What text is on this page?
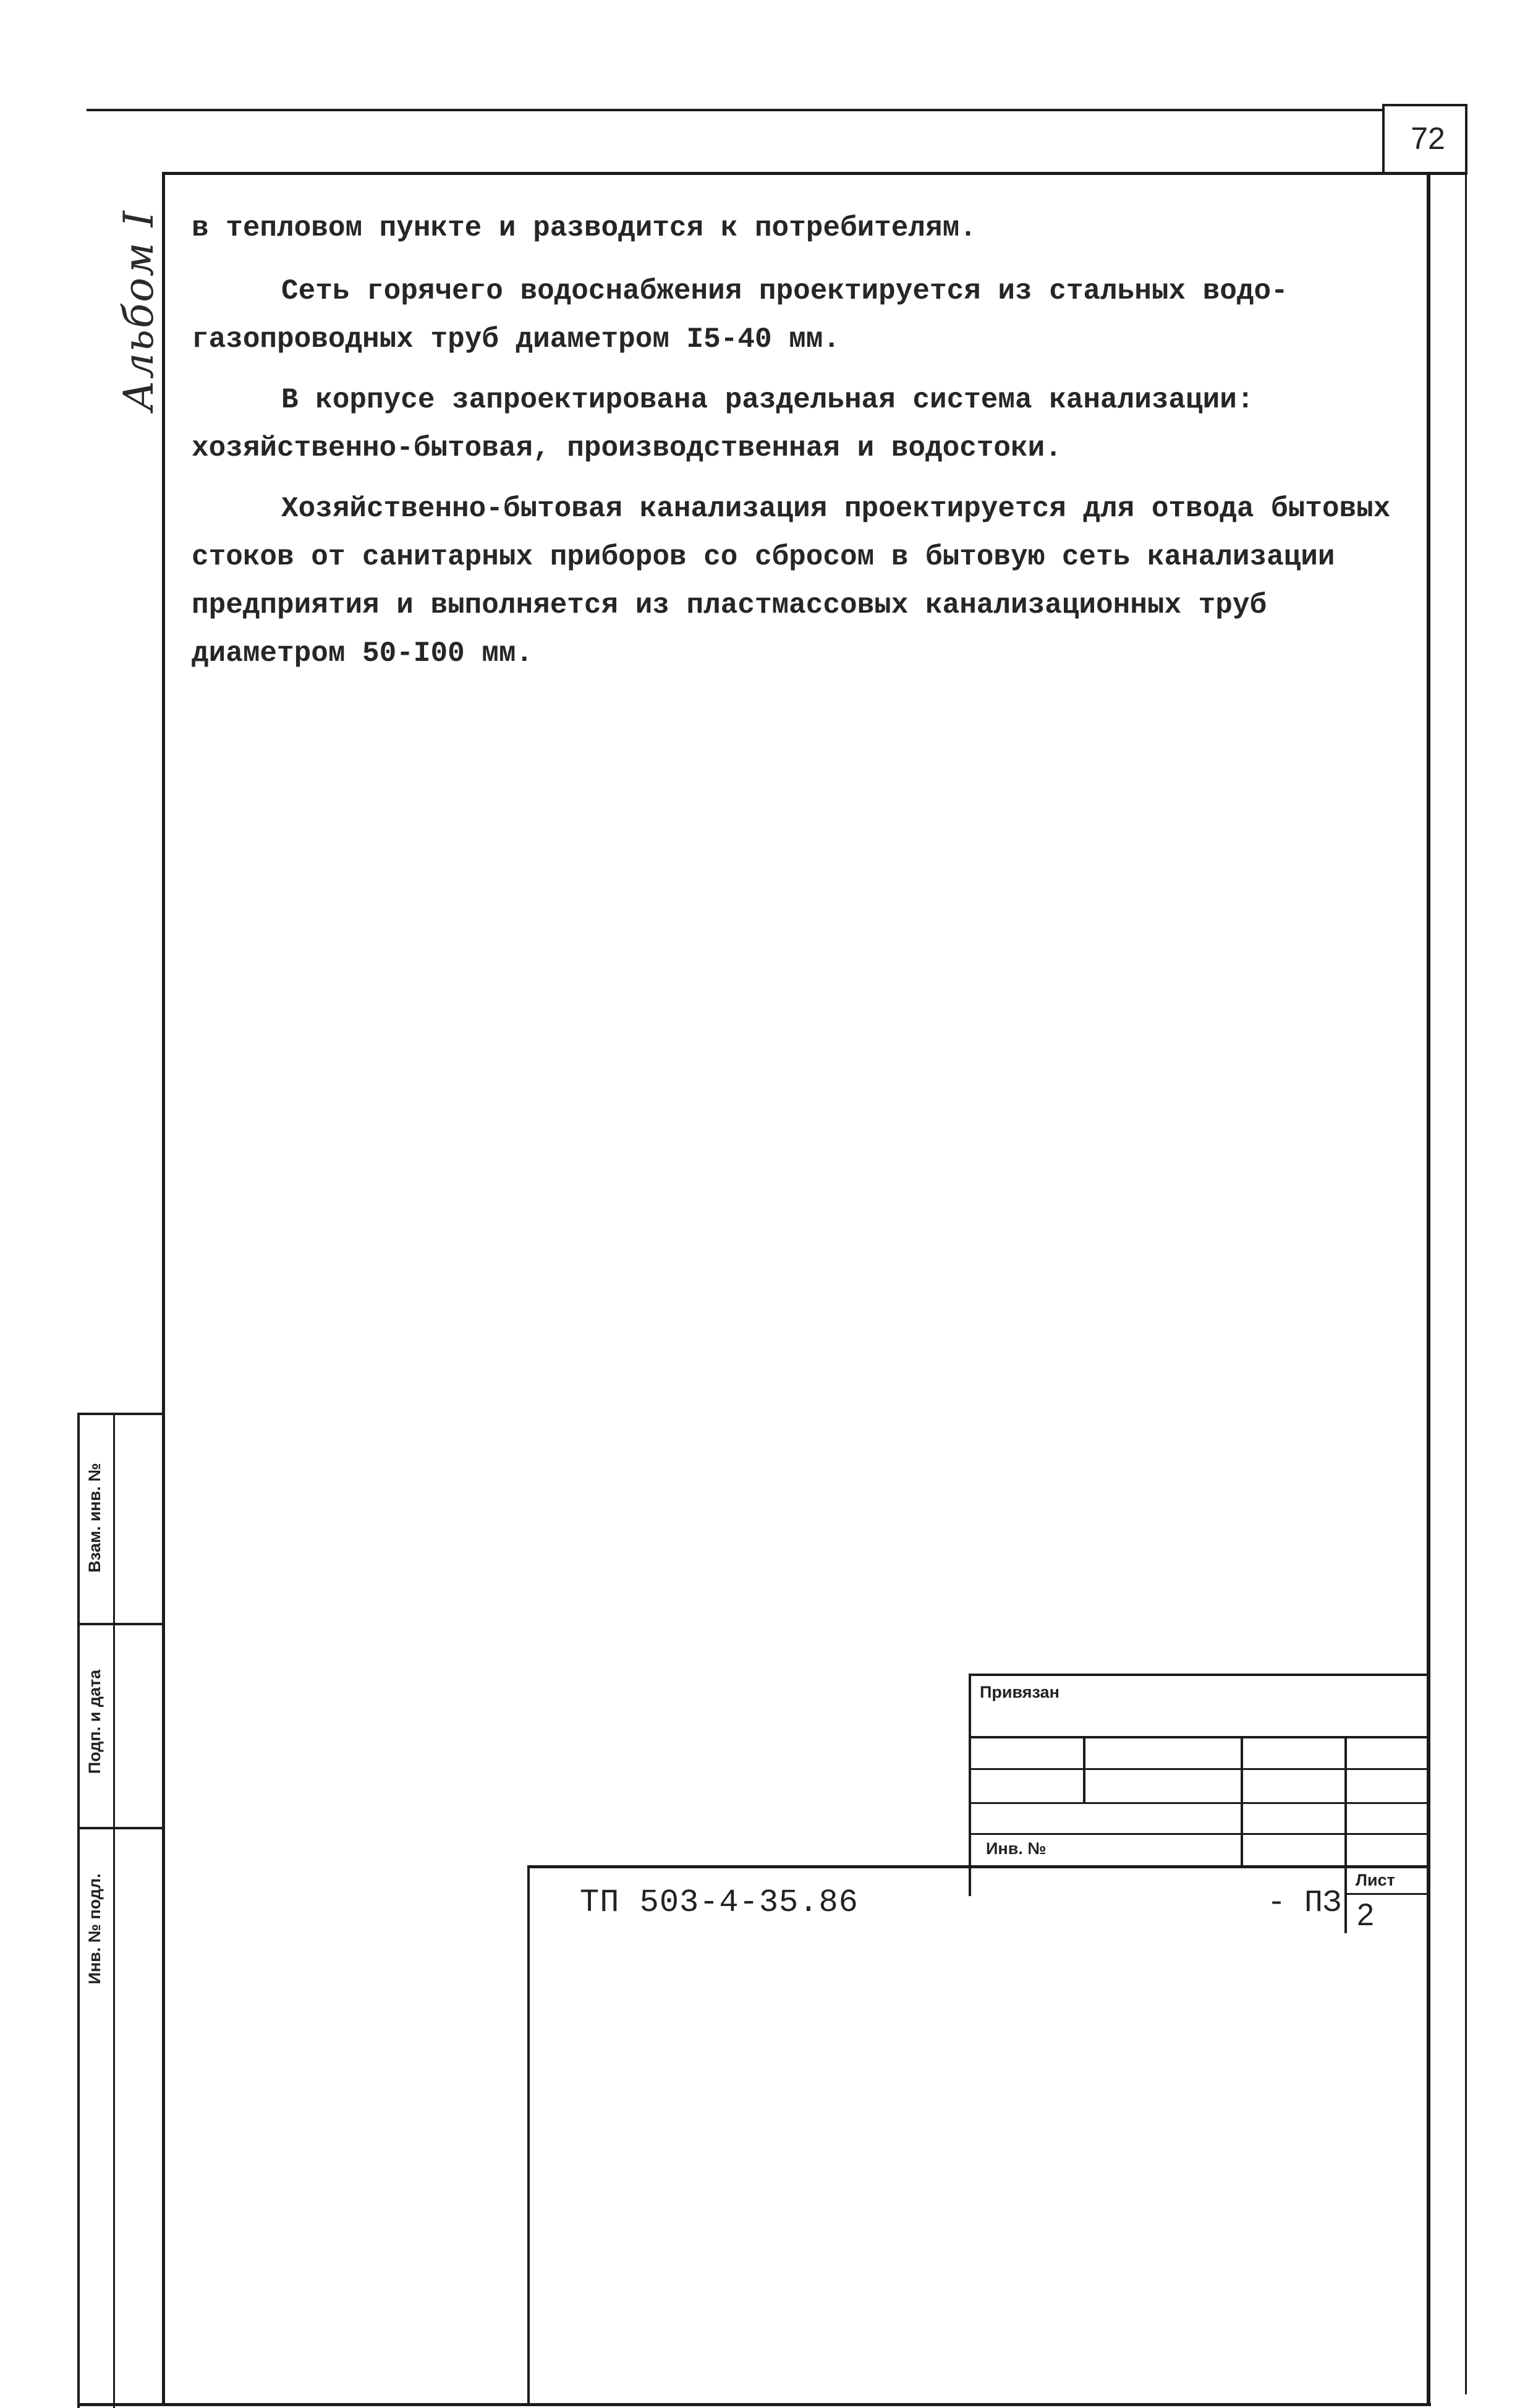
72
Альбом I в тепловом пункте и разводится к потребителям.

Сеть горячего водоснабжения проектируется из стальных водо-газопроводных труб диаметром I5-40 мм.

В корпусе запроектирована раздельная система канализации: хозяйственно-бытовая, производственная и водостоки.

Хозяйственно-бытовая канализация проектируется для отвода бытовых стоков от санитарных приборов со сбросом в бытовую сеть канализации предприятия и выполняется из пластмассовых канализационных труб диаметром 50-I00 мм.

Взам. инв. №
Подп. и дата
Инв. № подл.
Привязан
Инв. №
ТП 503-4-35.86	- ПЗ
Лист
2
